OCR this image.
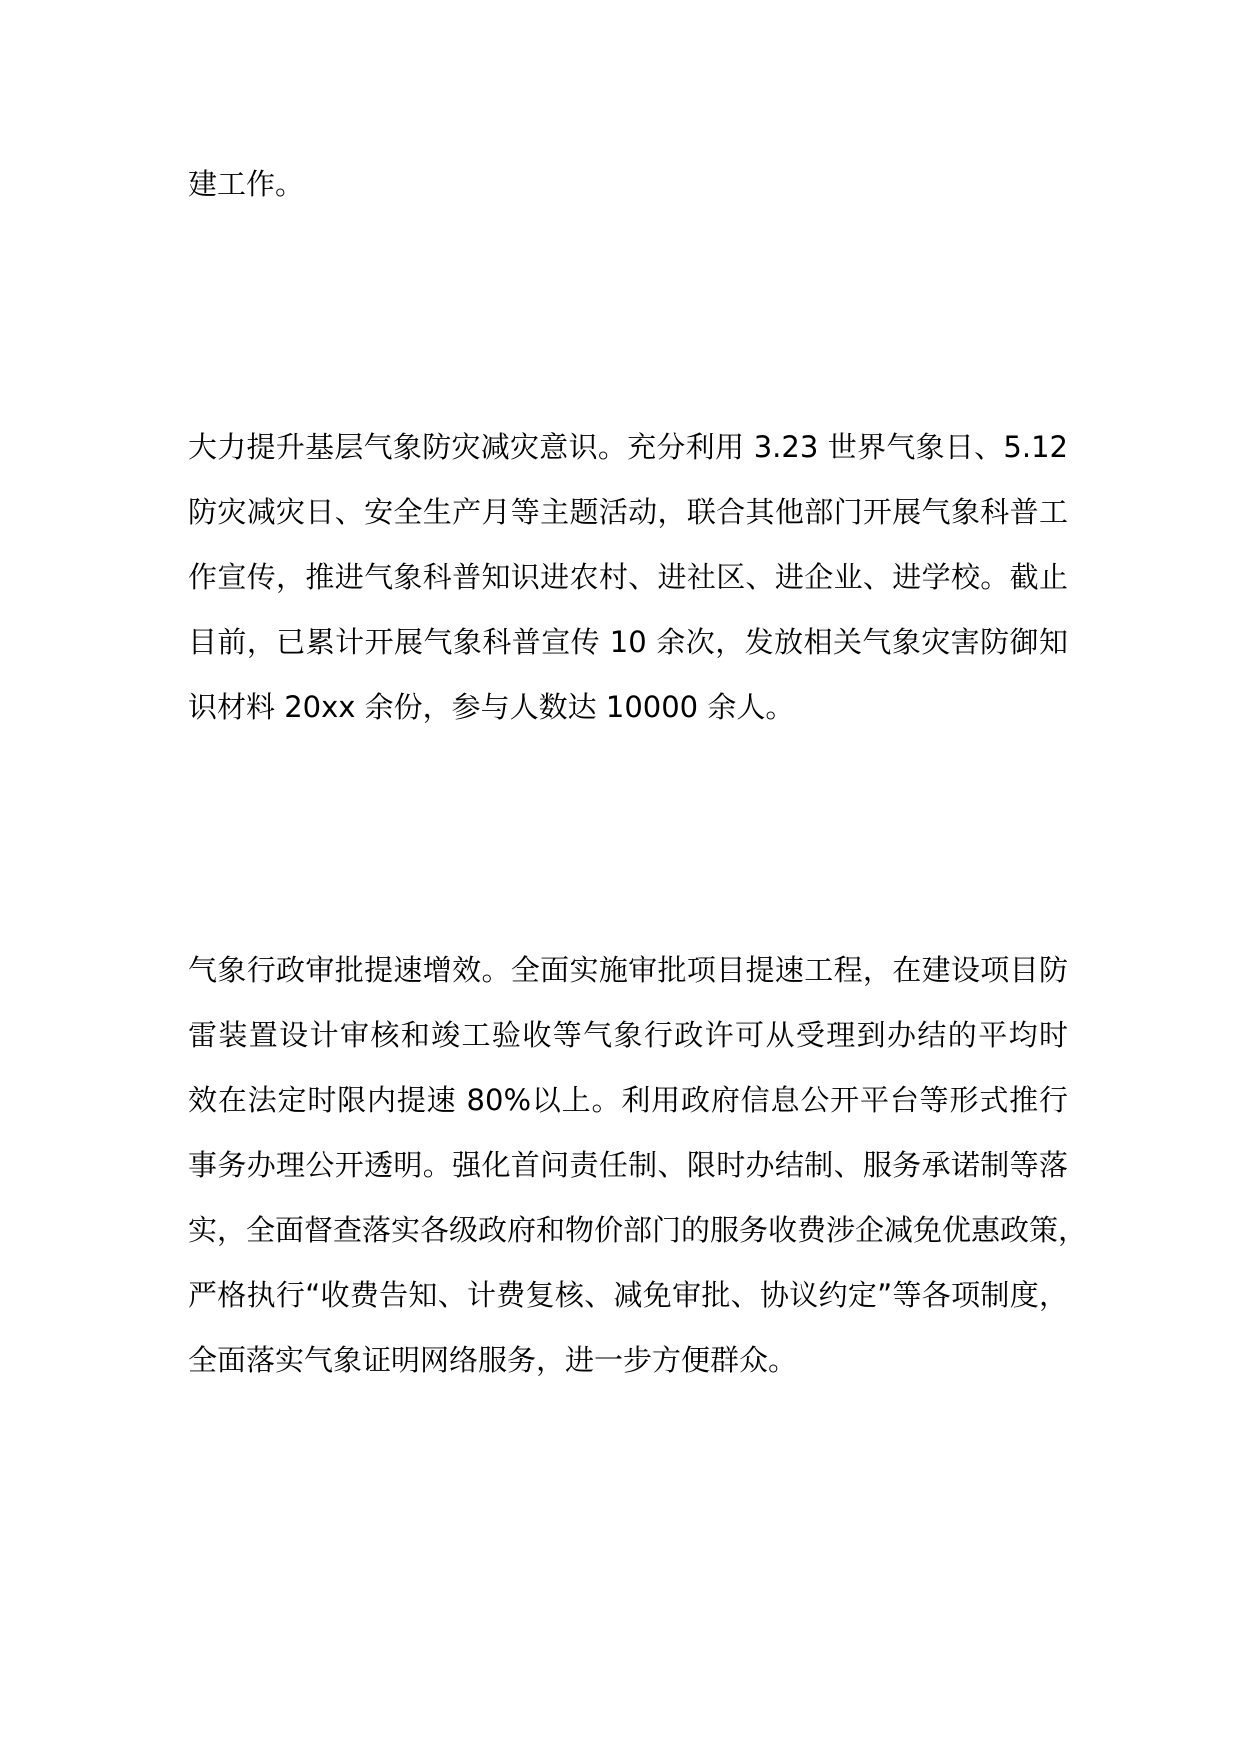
建工作。
大力提升基层气象防灾减灾意识。充分利用 3.23 世界气象日、5.12
防灾减灾日、安全生产月等主题活动，联合其他部门开展气象科普工
作宣传，推进气象科普知识进农村、进社区、进企业、进学校。截止
目前，已累计开展气象科普宣传 10 余次，发放相关气象灾害防御知
识材料 20xx 余份，参与人数达 10000 余人。
气象行政审批提速增效。全面实施审批项目提速工程，在建设项目防
雷装置设计审核和竣工验收等气象行政许可从受理到办结的平均时
效在法定时限内提速 80%以上。利用政府信息公开平台等形式推行
事务办理公开透明。强化首问责任制、限时办结制、服务承诺制等落
实，全面督查落实各级政府和物价部门的服务收费涉企减免优惠政策，
严格执行“收费告知、计费复核、减免审批、协议约定”等各项制度，
全面落实气象证明网络服务，进一步方便群众。
